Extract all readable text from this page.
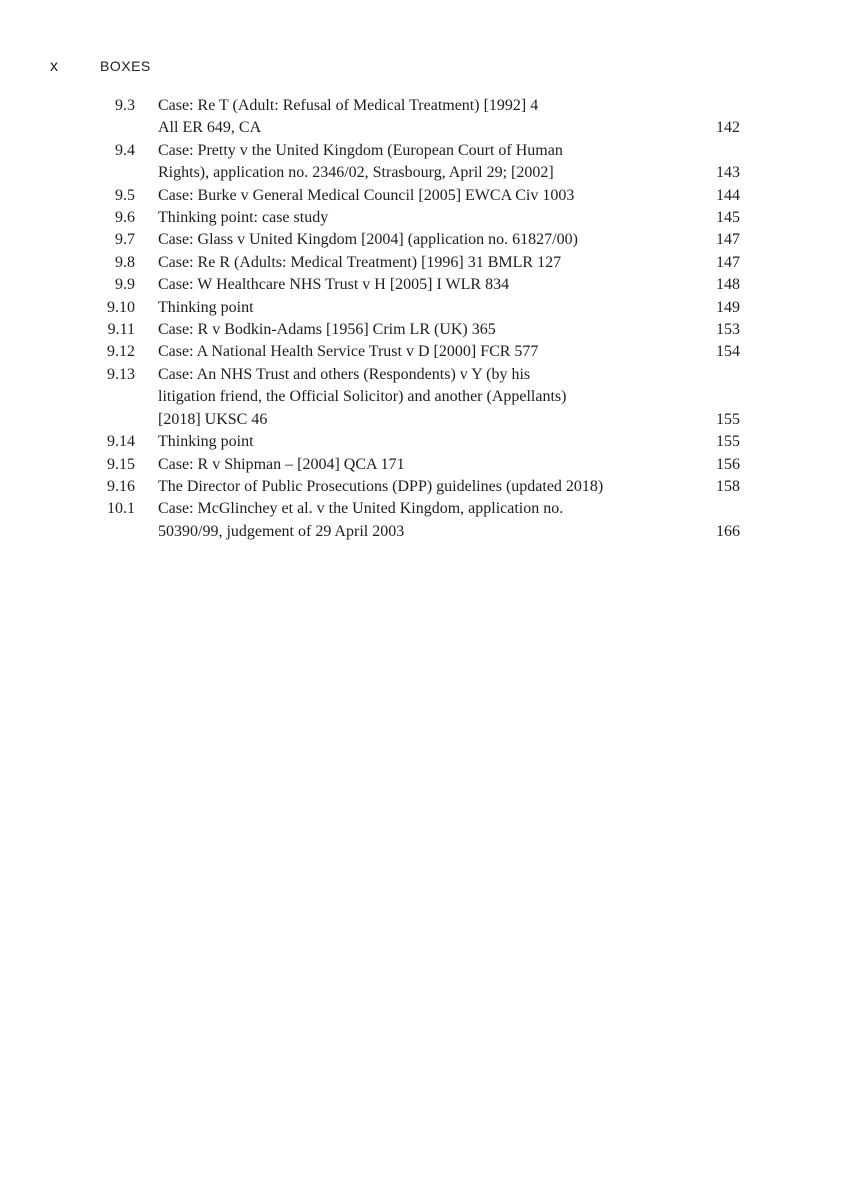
x	BOXES
9.3 Case: Re T (Adult: Refusal of Medical Treatment) [1992] 4
All ER 649, CA	142
9.4 Case: Pretty v the United Kingdom (European Court of Human
Rights), application no. 2346/02, Strasbourg, April 29; [2002]	143
9.5 Case: Burke v General Medical Council [2005] EWCA Civ 1003	144
9.6 Thinking point: case study	145
9.7 Case: Glass v United Kingdom [2004] (application no. 61827/00)	147
9.8 Case: Re R (Adults: Medical Treatment) [1996] 31 BMLR 127	147
9.9 Case: W Healthcare NHS Trust v H [2005] I WLR 834	148
9.10 Thinking point	149
9.11 Case: R v Bodkin-Adams [1956] Crim LR (UK) 365	153
9.12 Case: A National Health Service Trust v D [2000] FCR 577	154
9.13 Case: An NHS Trust and others (Respondents) v Y (by his
litigation friend, the Official Solicitor) and another (Appellants)
[2018] UKSC 46	155
9.14 Thinking point	155
9.15 Case: R v Shipman – [2004] QCA 171	156
9.16 The Director of Public Prosecutions (DPP) guidelines (updated 2018)	158
10.1 Case: McGlinchey et al. v the United Kingdom, application no.
50390/99, judgement of 29 April 2003	166
